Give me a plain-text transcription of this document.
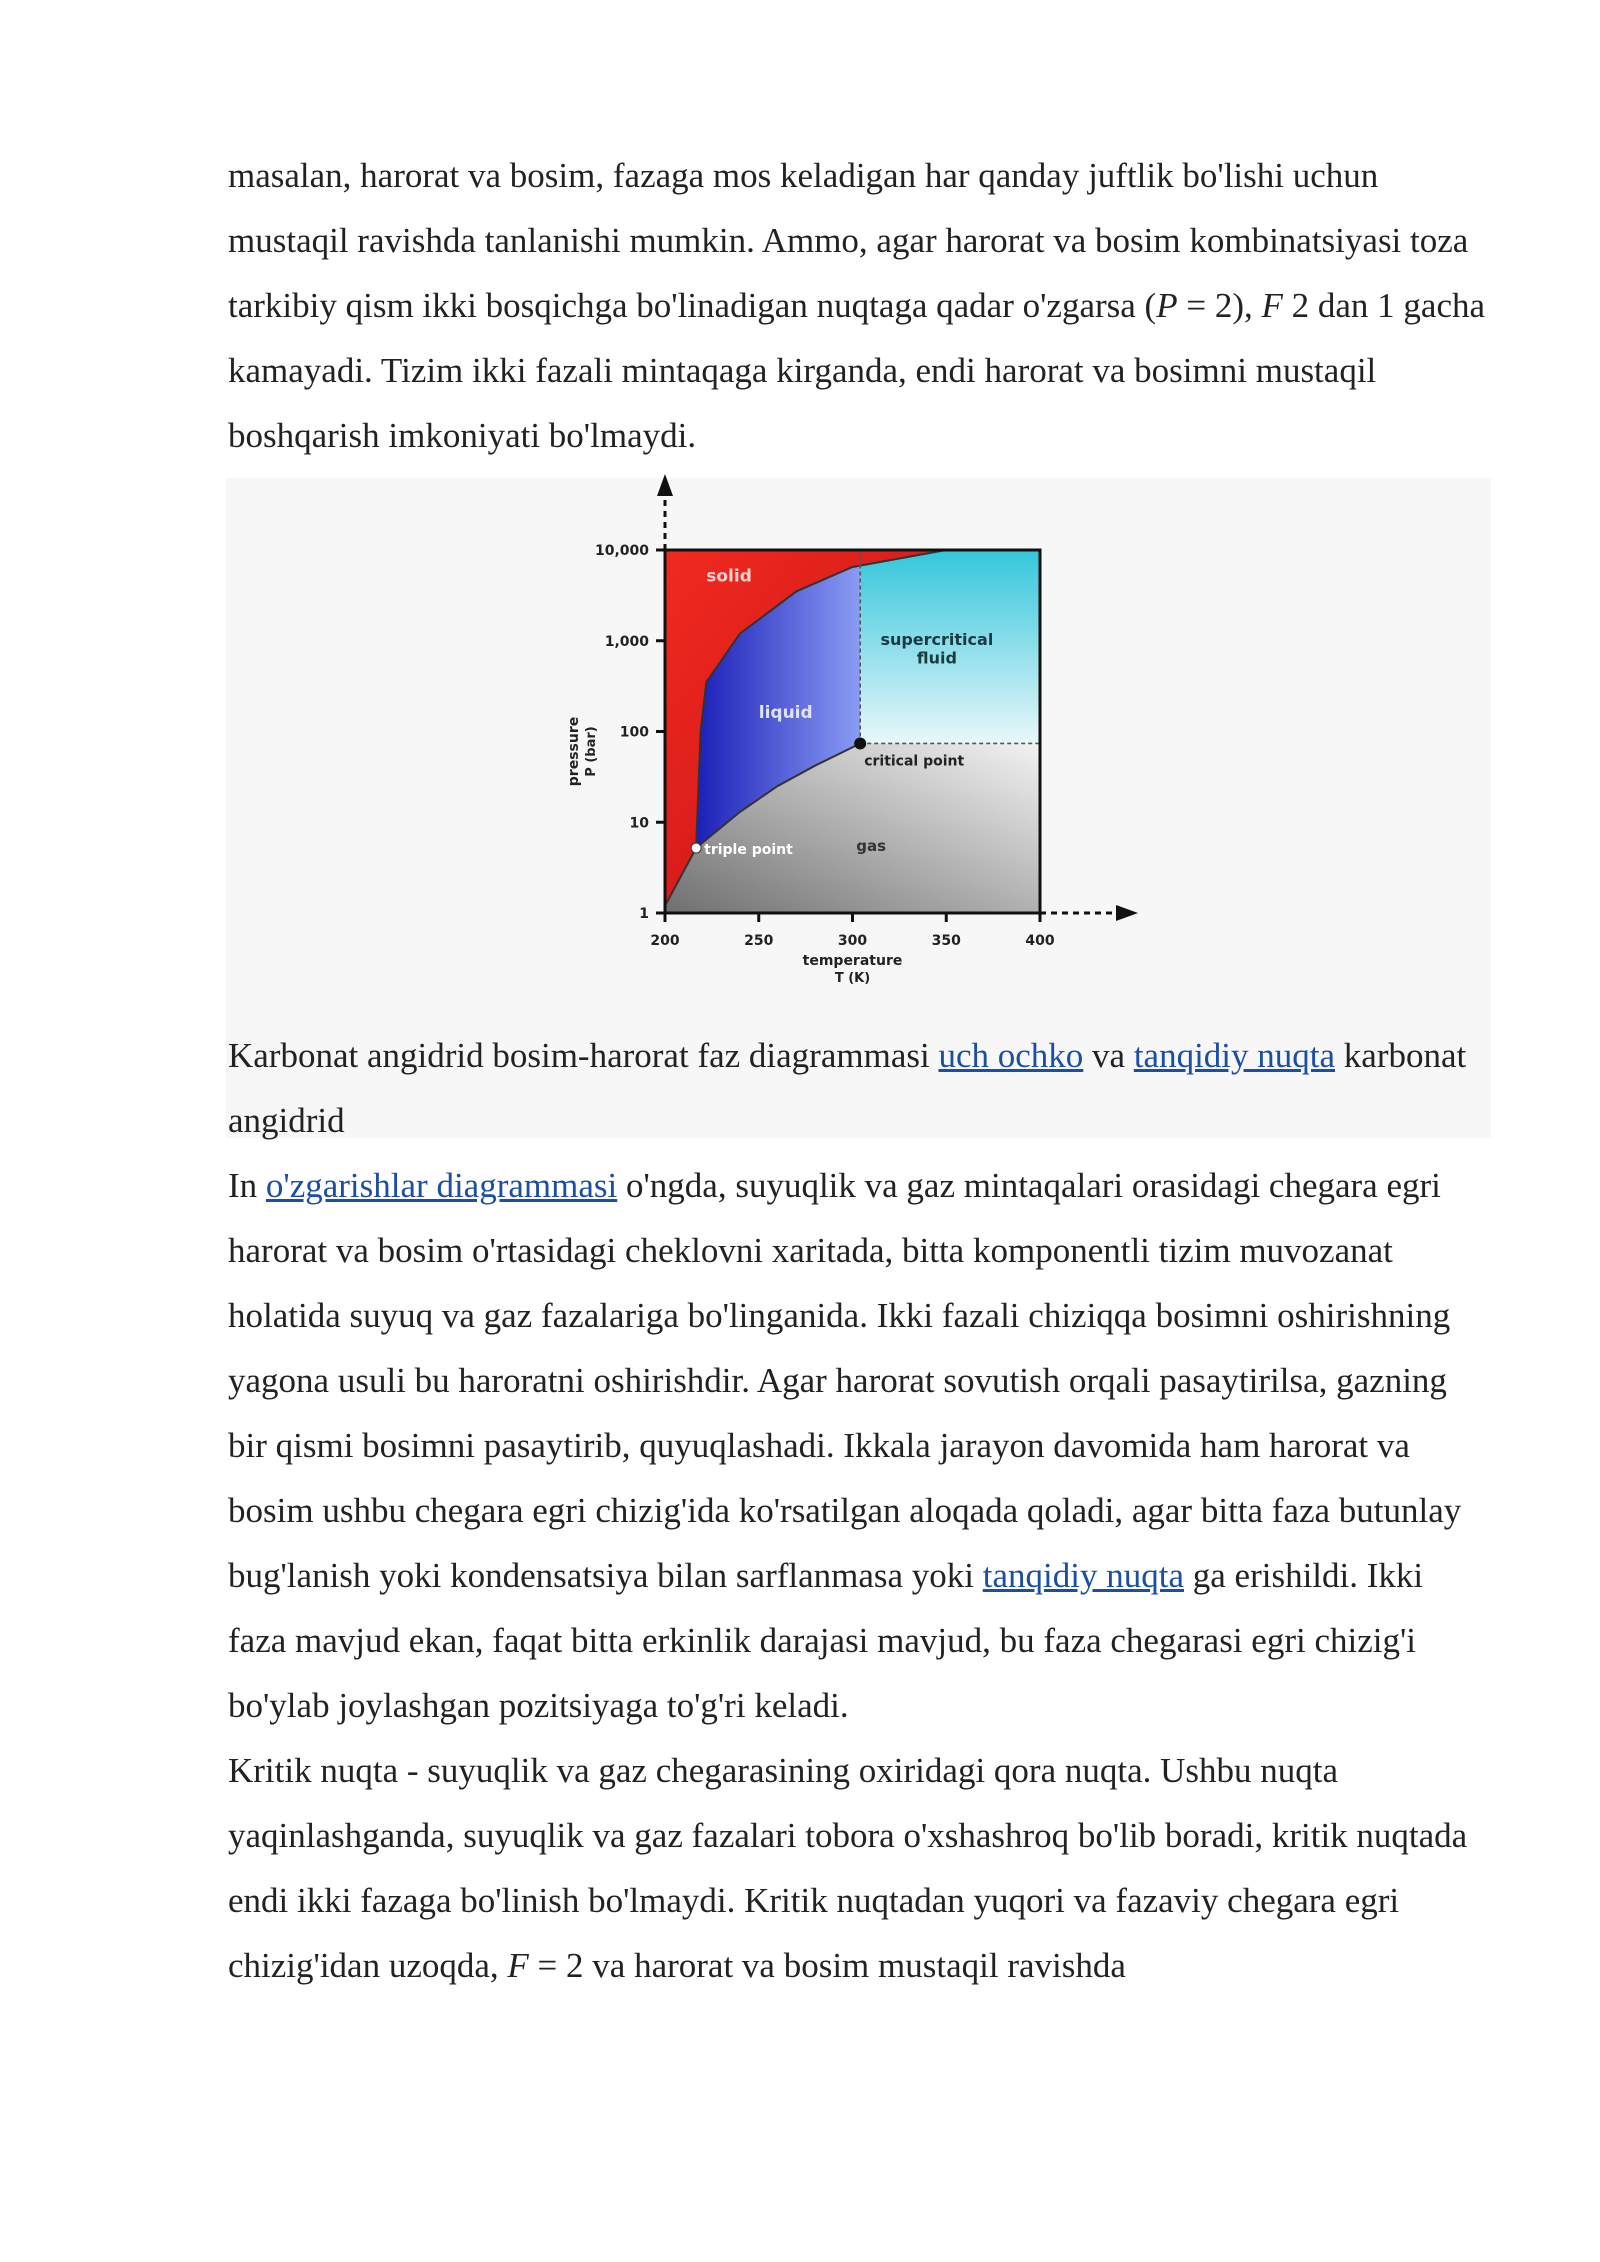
masalan, harorat va bosim, fazaga mos keladigan har qanday juftlik bo'lishi uchun mustaqil ravishda tanlanishi mumkin. Ammo, agar harorat va bosim kombinatsiyasi toza tarkibiy qism ikki bosqichga bo'linadigan nuqtaga qadar o'zgarsa (P = 2), F 2 dan 1 gacha kamayadi. Tizim ikki fazali mintaqaga kirganda, endi harorat va bosimni mustaqil boshqarish imkoniyati bo'lmaydi.

200	250	300	350	400
1
10
100
1,000
10,000
temperature
T (K)
pressure P (bar)
solid
liquid
supercritical
fluid
gas
triple point
critical point

Karbonat angidrid bosim-harorat faz diagrammasi uch ochko va tanqidiy nuqta karbonat angidrid

In o'zgarishlar diagrammasi o'ngda, suyuqlik va gaz mintaqalari orasidagi chegara egri harorat va bosim o'rtasidagi cheklovni xaritada, bitta komponentli tizim muvozanat holatida suyuq va gaz fazalariga bo'linganida. Ikki fazali chiziqqa bosimni oshirishning yagona usuli bu haroratni oshirishdir. Agar harorat sovutish orqali pasaytirilsa, gazning bir qismi bosimni pasaytirib, quyuqlashadi. Ikkala jarayon davomida ham harorat va bosim ushbu chegara egri chizig'ida ko'rsatilgan aloqada qoladi, agar bitta faza butunlay bug'lanish yoki kondensatsiya bilan sarflanmasa yoki tanqidiy nuqta ga erishildi. Ikki faza mavjud ekan, faqat bitta erkinlik darajasi mavjud, bu faza chegarasi egri chizig'i bo'ylab joylashgan pozitsiyaga to'g'ri keladi.

Kritik nuqta - suyuqlik va gaz chegarasining oxiridagi qora nuqta. Ushbu nuqta yaqinlashganda, suyuqlik va gaz fazalari tobora o'xshashroq bo'lib boradi, kritik nuqtada endi ikki fazaga bo'linish bo'lmaydi. Kritik nuqtadan yuqori va fazaviy chegara egri chizig'idan uzoqda, F = 2 va harorat va bosim mustaqil ravishda
